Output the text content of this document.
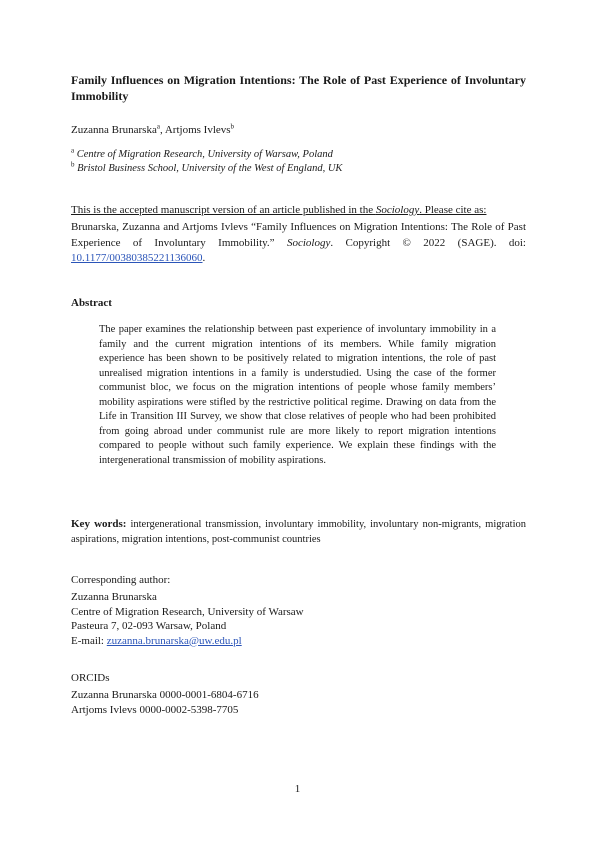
Family Influences on Migration Intentions: The Role of Past Experience of Involuntary Immobility
Zuzanna Brunarska$^a$, Artjoms Ivlevs$^b$
$^a$ Centre of Migration Research, University of Warsaw, Poland
$^b$ Bristol Business School, University of the West of England, UK
This is the accepted manuscript version of an article published in the Sociology. Please cite as:
Brunarska, Zuzanna and Artjoms Ivlevs “Family Influences on Migration Intentions: The Role of Past Experience of Involuntary Immobility.” Sociology. Copyright © 2022 (SAGE). doi: 10.1177/00380385221136060.
Abstract
The paper examines the relationship between past experience of involuntary immobility in a family and the current migration intentions of its members. While family migration experience has been shown to be positively related to migration intentions, the role of past unrealised migration intentions in a family is understudied. Using the case of the former communist bloc, we focus on the migration intentions of people whose family members’ mobility aspirations were stifled by the restrictive political regime. Drawing on data from the Life in Transition III Survey, we show that close relatives of people who had been prohibited from going abroad under communist rule are more likely to report migration intentions compared to people without such family experience. We explain these findings with the intergenerational transmission of mobility aspirations.
Key words: intergenerational transmission, involuntary immobility, involuntary non-migrants, migration aspirations, migration intentions, post-communist countries
Corresponding author:
Zuzanna Brunarska
Centre of Migration Research, University of Warsaw
Pasteura 7, 02-093 Warsaw, Poland
E-mail: zuzanna.brunarska@uw.edu.pl
ORCIDs
Zuzanna Brunarska 0000-0001-6804-6716
Artjoms Ivlevs 0000-0002-5398-7705
1
